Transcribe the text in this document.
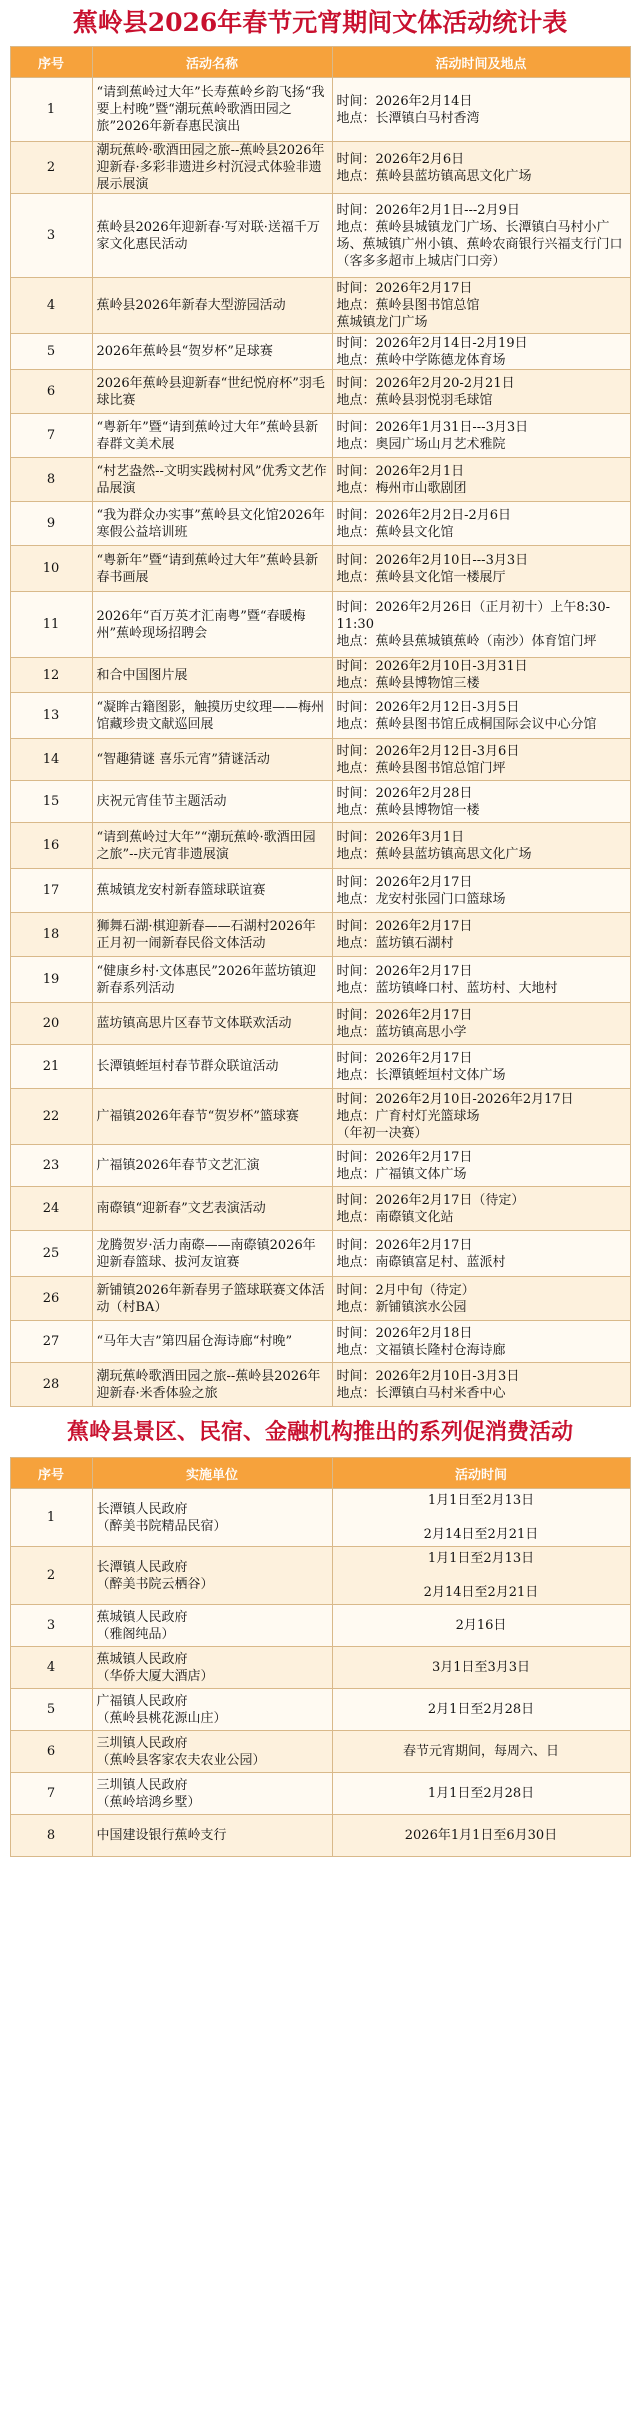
蕉岭县2026年春节元宵期间文体活动统计表
序号	活动名称	活动时间及地点
1	“请到蕉岭过大年”长寿蕉岭乡韵飞扬“我要上村晚”暨“潮玩蕉岭歌酒田园之旅”2026年新春惠民演出	时间：2026年2月14日
地点：长潭镇白马村香湾

2	潮玩蕉岭·歌酒田园之旅--蕉岭县2026年迎新春·多彩非遗进乡村沉浸式体验非遗展示展演	时间：2026年2月6日
地点：蕉岭县蓝坊镇高思文化广场

3	蕉岭县2026年迎新春·写对联·送福千万家文化惠民活动	时间：2026年2月1日---2月9日
地点：蕉岭县城镇龙门广场、长潭镇白马村小广场、蕉城镇广州小镇、蕉岭农商银行兴福支行门口（客多多超市上城店门口旁）

4	蕉岭县2026年新春大型游园活动	时间：2026年2月17日
地点：蕉岭县图书馆总馆
蕉城镇龙门广场

5	2026年蕉岭县“贺岁杯”足球赛	时间：2026年2月14日-2月19日
地点：蕉岭中学陈德龙体育场

6	2026年蕉岭县迎新春“世纪悦府杯”羽毛球比赛	时间：2026年2月20-2月21日
地点：蕉岭县羽悦羽毛球馆

7	“粤新年”暨“请到蕉岭过大年”蕉岭县新春群文美术展	时间：2026年1月31日---3月3日
地点：奥园广场山月艺术雅院

8	“村艺盎然--文明实践树村风”优秀文艺作品展演	时间：2026年2月1日
地点：梅州市山歌剧团

9	“我为群众办实事”蕉岭县文化馆2026年寒假公益培训班	时间：2026年2月2日-2月6日
地点：蕉岭县文化馆

10	“粤新年”暨“请到蕉岭过大年”蕉岭县新春书画展	时间：2026年2月10日---3月3日
地点：蕉岭县文化馆一楼展厅

11	2026年“百万英才汇南粤”暨“春暖梅州”蕉岭现场招聘会	时间：2026年2月26日（正月初十）上午8:30-11:30
地点：蕉岭县蕉城镇蕉岭（南沙）体育馆门坪

12	和合中国图片展	时间：2026年2月10日-3月31日
地点：蕉岭县博物馆三楼

13	“凝眸古籍图影，触摸历史纹理——梅州馆藏珍贵文献巡回展	时间：2026年2月12日-3月5日
地点：蕉岭县图书馆丘成桐国际会议中心分馆

14	“智趣猜谜 喜乐元宵”猜谜活动	时间：2026年2月12日-3月6日
地点：蕉岭县图书馆总馆门坪

15	庆祝元宵佳节主题活动	时间：2026年2月28日
地点：蕉岭县博物馆一楼

16	“请到蕉岭过大年”“潮玩蕉岭·歌酒田园之旅”--庆元宵非遗展演	时间：2026年3月1日
地点：蕉岭县蓝坊镇高思文化广场

17	蕉城镇龙安村新春篮球联谊赛	时间：2026年2月17日
地点：龙安村张园门口篮球场

18	狮舞石湖·棋迎新春——石湖村2026年正月初一闹新春民俗文体活动	时间：2026年2月17日
地点：蓝坊镇石湖村

19	“健康乡村·文体惠民”2026年蓝坊镇迎新春系列活动	时间：2026年2月17日
地点：蓝坊镇峰口村、蓝坊村、大地村

20	蓝坊镇高思片区春节文体联欢活动	时间：2026年2月17日
地点：蓝坊镇高思小学

21	长潭镇蛭垣村春节群众联谊活动	时间：2026年2月17日
地点：长潭镇蛭垣村文体广场

22	广福镇2026年春节“贺岁杯”篮球赛	时间：2026年2月10日-2026年2月17日
地点：广育村灯光篮球场
（年初一决赛）

23	广福镇2026年春节文艺汇演	时间：2026年2月17日
地点：广福镇文体广场

24	南磜镇“迎新春”文艺表演活动	时间：2026年2月17日（待定）
地点：南磜镇文化站

25	龙腾贺岁·活力南磜——南磜镇2026年迎新春篮球、拔河友谊赛	时间：2026年2月17日
地点：南磜镇富足村、蓝派村

26	新铺镇2026年新春男子篮球联赛文体活动（村BA）	时间：2月中旬（待定）
地点：新铺镇滨水公园

27	“马年大吉”第四届仓海诗廊“村晚”	时间：2026年2月18日
地点：文福镇长隆村仓海诗廊

28	潮玩蕉岭歌酒田园之旅--蕉岭县2026年迎新春·米香体验之旅	时间：2026年2月10日-3月3日
地点：长潭镇白马村米香中心
蕉岭县景区、民宿、金融机构推出的系列促消费活动
序号	实施单位	活动时间
1	长潭镇人民政府
（醉美书院精品民宿）	1月1日至2月13日

2月14日至2月21日
2	长潭镇人民政府
（醉美书院云栖谷）	1月1日至2月13日

2月14日至2月21日
3	蕉城镇人民政府
（雅阁纯品）	2月16日
4	蕉城镇人民政府
（华侨大厦大酒店）	3月1日至3月3日
5	广福镇人民政府
（蕉岭县桃花源山庄）	2月1日至2月28日
6	三圳镇人民政府
（蕉岭县客家农夫农业公园）	春节元宵期间，每周六、日
7	三圳镇人民政府
（蕉岭培鸿乡墅）	1月1日至2月28日
8	中国建设银行蕉岭支行	2026年1月1日至6月30日
